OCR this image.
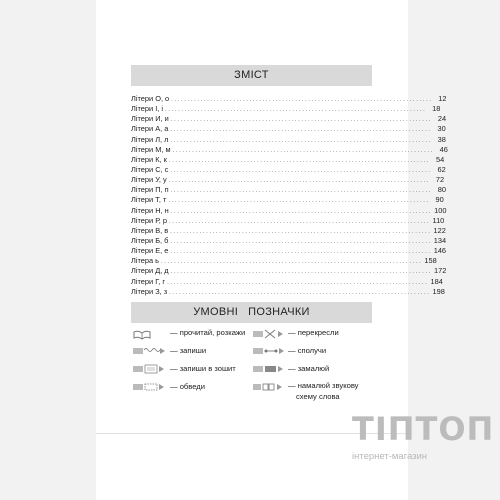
ЗМІСТ
Літери О, о ................................................................................ 12
Літери І, і ................................................................................ 18
Літери И, и ................................................................................ 24
Літери А, а ................................................................................ 30
Літери Л, л ................................................................................ 38
Літери М, м ................................................................................ 46
Літери К, к ................................................................................ 54
Літери С, с ................................................................................ 62
Літери У, у ................................................................................ 72
Літери П, п ................................................................................ 80
Літери Т, т ................................................................................ 90
Літери Н, н ................................................................................ 100
Літери Р, р ................................................................................ 110
Літери В, в ................................................................................ 122
Літери Б, б ................................................................................ 134
Літери Е, е ................................................................................ 146
Літера ь ................................................................................ 158
Літери Д, д ................................................................................ 172
Літери Г, г ................................................................................ 184
Літери З, з ................................................................................ 198
УМОВНІ   ПОЗНАЧКИ
— прочитай, розкажи
— запиши
— запиши в зошит
— обведи
— перекресли
— сполучи
— замалюй
— намалюй звукову
схему слова
ТІПТОП
інтернет-магазин
